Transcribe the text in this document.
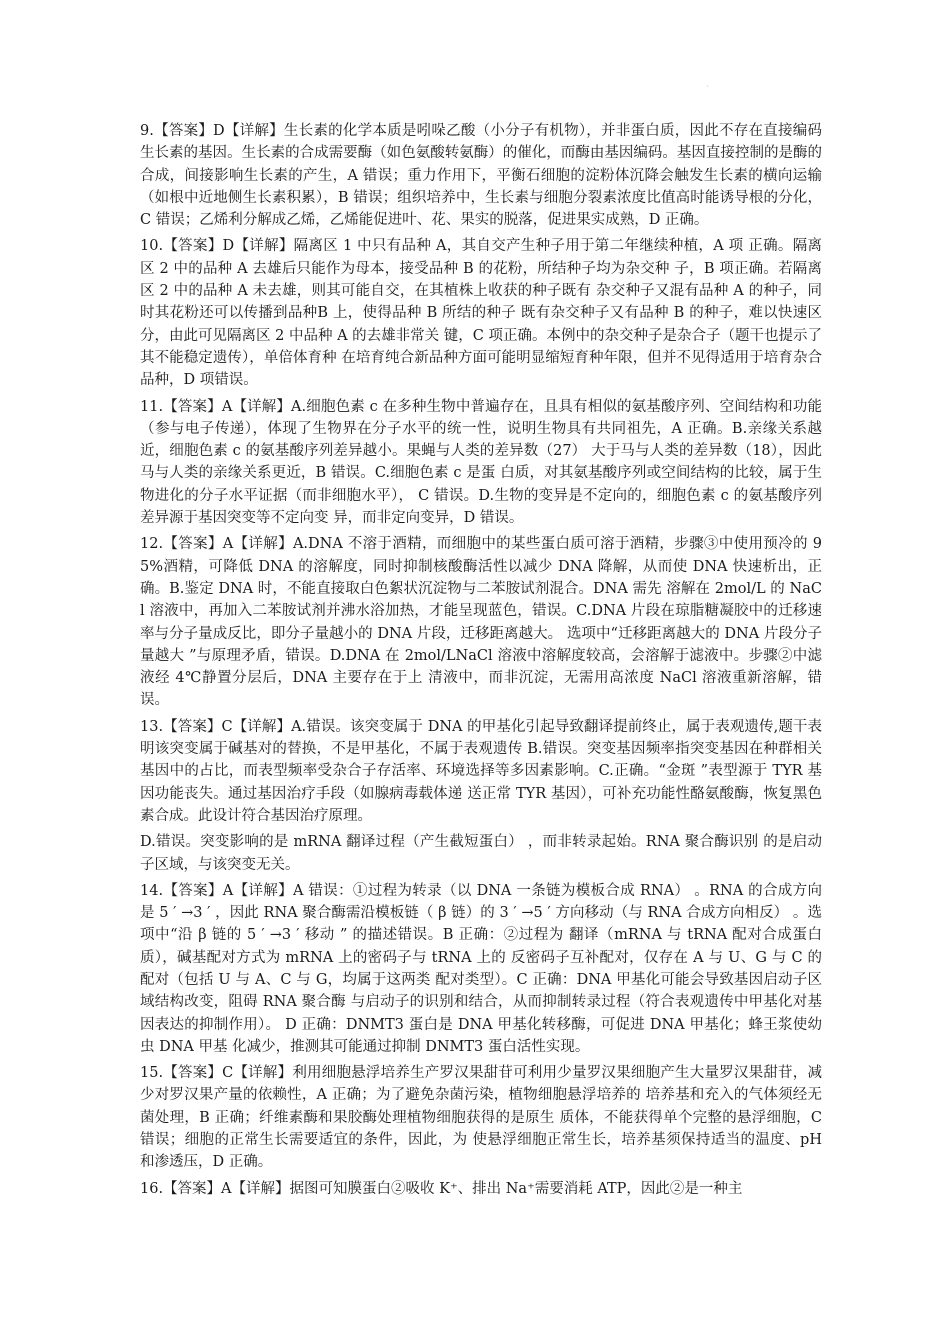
、

9.【答案】D【详解】生长素的化学本质是吲哚乙酸（小分子有机物），并非蛋白质，因此不存在直接编码生长素的基因。生长素的合成需要酶（如色氨酸转氨酶）的催化，而酶由基因编码。基因直接控制的是酶的合成，间接影响生长素的产生，A 错误；重力作用下，平衡石细胞的淀粉体沉降会触发生长素的横向运输（如根中近地侧生长素积累），B 错误；组织培养中，生长素与细胞分裂素浓度比值高时能诱导根的分化，C 错误；乙烯利分解成乙烯，乙烯能促进叶、花、果实的脱落，促进果实成熟，D 正确。

10.【答案】D【详解】隔离区 1 中只有品种 A，其自交产生种子用于第二年继续种植，A 项 正确。隔离区 2 中的品种 A 去雄后只能作为母本，接受品种 B 的花粉，所结种子均为杂交种 子，B 项正确。若隔离区 2 中的品种 A 未去雄，则其可能自交，在其植株上收获的种子既有 杂交种子又混有品种 A 的种子，同时其花粉还可以传播到品种B 上，使得品种 B 所结的种子 既有杂交种子又有品种 B 的种子，难以快速区分，由此可见隔离区 2 中品种 A 的去雄非常关 键，C 项正确。本例中的杂交种子是杂合子（题干也提示了其不能稳定遗传），单倍体育种 在培育纯合新品种方面可能明显缩短育种年限，但并不见得适用于培育杂合品种，D 项错误。

11.【答案】A【详解】A.细胞色素 c 在多种生物中普遍存在，且具有相似的氨基酸序列、空间结构和功能（参与电子传递），体现了生物界在分子水平的统一性，说明生物具有共同祖先，A 正确。B.亲缘关系越近，细胞色素 c 的氨基酸序列差异越小。果蝇与人类的差异数（27） 大于马与人类的差异数（18），因此马与人类的亲缘关系更近，B 错误。C.细胞色素 c 是蛋 白质，对其氨基酸序列或空间结构的比较，属于生物进化的分子水平证据（而非细胞水平）， C 错误。D.生物的变异是不定向的，细胞色素 c 的氨基酸序列差异源于基因突变等不定向变 异，而非定向变异，D 错误。

12.【答案】A【详解】A.DNA 不溶于酒精，而细胞中的某些蛋白质可溶于酒精，步骤③中使用预冷的 95%酒精，可降低 DNA 的溶解度，同时抑制核酸酶活性以减少 DNA 降解，从而使 DNA 快速析出，正确。B.鉴定 DNA 时，不能直接取白色絮状沉淀物与二苯胺试剂混合。DNA 需先 溶解在 2mol/L 的 NaCl 溶液中，再加入二苯胺试剂并沸水浴加热，才能呈现蓝色，错误。C.DNA 片段在琼脂糖凝胶中的迁移速率与分子量成反比，即分子量越小的 DNA 片段，迁移距离越大。 选项中“迁移距离越大的 DNA 片段分子量越大 ”与原理矛盾，错误。D.DNA 在 2mol/LNaCl 溶液中溶解度较高，会溶解于滤液中。步骤②中滤液经 4℃静置分层后，DNA 主要存在于上 清液中，而非沉淀，无需用高浓度 NaCl 溶液重新溶解，错误。

13.【答案】C【详解】A.错误。该突变属于 DNA 的甲基化引起导致翻译提前终止，属于表观遗传,题干表明该突变属于碱基对的替换，不是甲基化，不属于表观遗传 B.错误。突变基因频率指突变基因在种群相关基因中的占比，而表型频率受杂合子存活率、环境选择等多因素影响。C.正确。“金斑 ”表型源于 TYR 基因功能丧失。通过基因治疗手段（如腺病毒载体递 送正常 TYR 基因），可补充功能性酪氨酸酶，恢复黑色素合成。此设计符合基因治疗原理。

D.错误。突变影响的是 mRNA 翻译过程（产生截短蛋白） ，而非转录起始。RNA 聚合酶识别 的是启动子区域，与该突变无关。

14.【答案】A【详解】A 错误：①过程为转录（以 DNA 一条链为模板合成 RNA） 。RNA 的合成方向是 5 ′ →3 ′ ，因此 RNA 聚合酶需沿模板链（ β 链）的 3 ′ →5 ′ 方向移动（与 RNA 合成方向相反） 。选项中“沿 β 链的 5 ′ →3 ′ 移动 ” 的描述错误。B 正确：②过程为 翻译（mRNA 与 tRNA 配对合成蛋白质），碱基配对方式为 mRNA 上的密码子与 tRNA 上的 反密码子互补配对，仅存在 A 与 U、G 与 C 的配对（包括 U 与 A、C 与 G，均属于这两类 配对类型）。C 正确：DNA 甲基化可能会导致基因启动子区域结构改变，阻碍 RNA 聚合酶 与启动子的识别和结合，从而抑制转录过程（符合表观遗传中甲基化对基因表达的抑制作用）。 D 正确：DNMT3 蛋白是 DNA 甲基化转移酶，可促进 DNA 甲基化；蜂王浆使幼虫 DNA 甲基 化减少，推测其可能通过抑制 DNMT3 蛋白活性实现。

15.【答案】C【详解】利用细胞悬浮培养生产罗汉果甜苷可利用少量罗汉果细胞产生大量罗汉果甜苷，减少对罗汉果产量的依赖性，A 正确；为了避免杂菌污染，植物细胞悬浮培养的 培养基和充入的气体须经无菌处理，B 正确；纤维素酶和果胶酶处理植物细胞获得的是原生 质体，不能获得单个完整的悬浮细胞，C 错误；细胞的正常生长需要适宜的条件，因此，为 使悬浮细胞正常生长，培养基须保持适当的温度、pH 和渗透压，D 正确。

16.【答案】A【详解】据图可知膜蛋白②吸收 K⁺、排出 Na⁺需要消耗 ATP，因此②是一种主
